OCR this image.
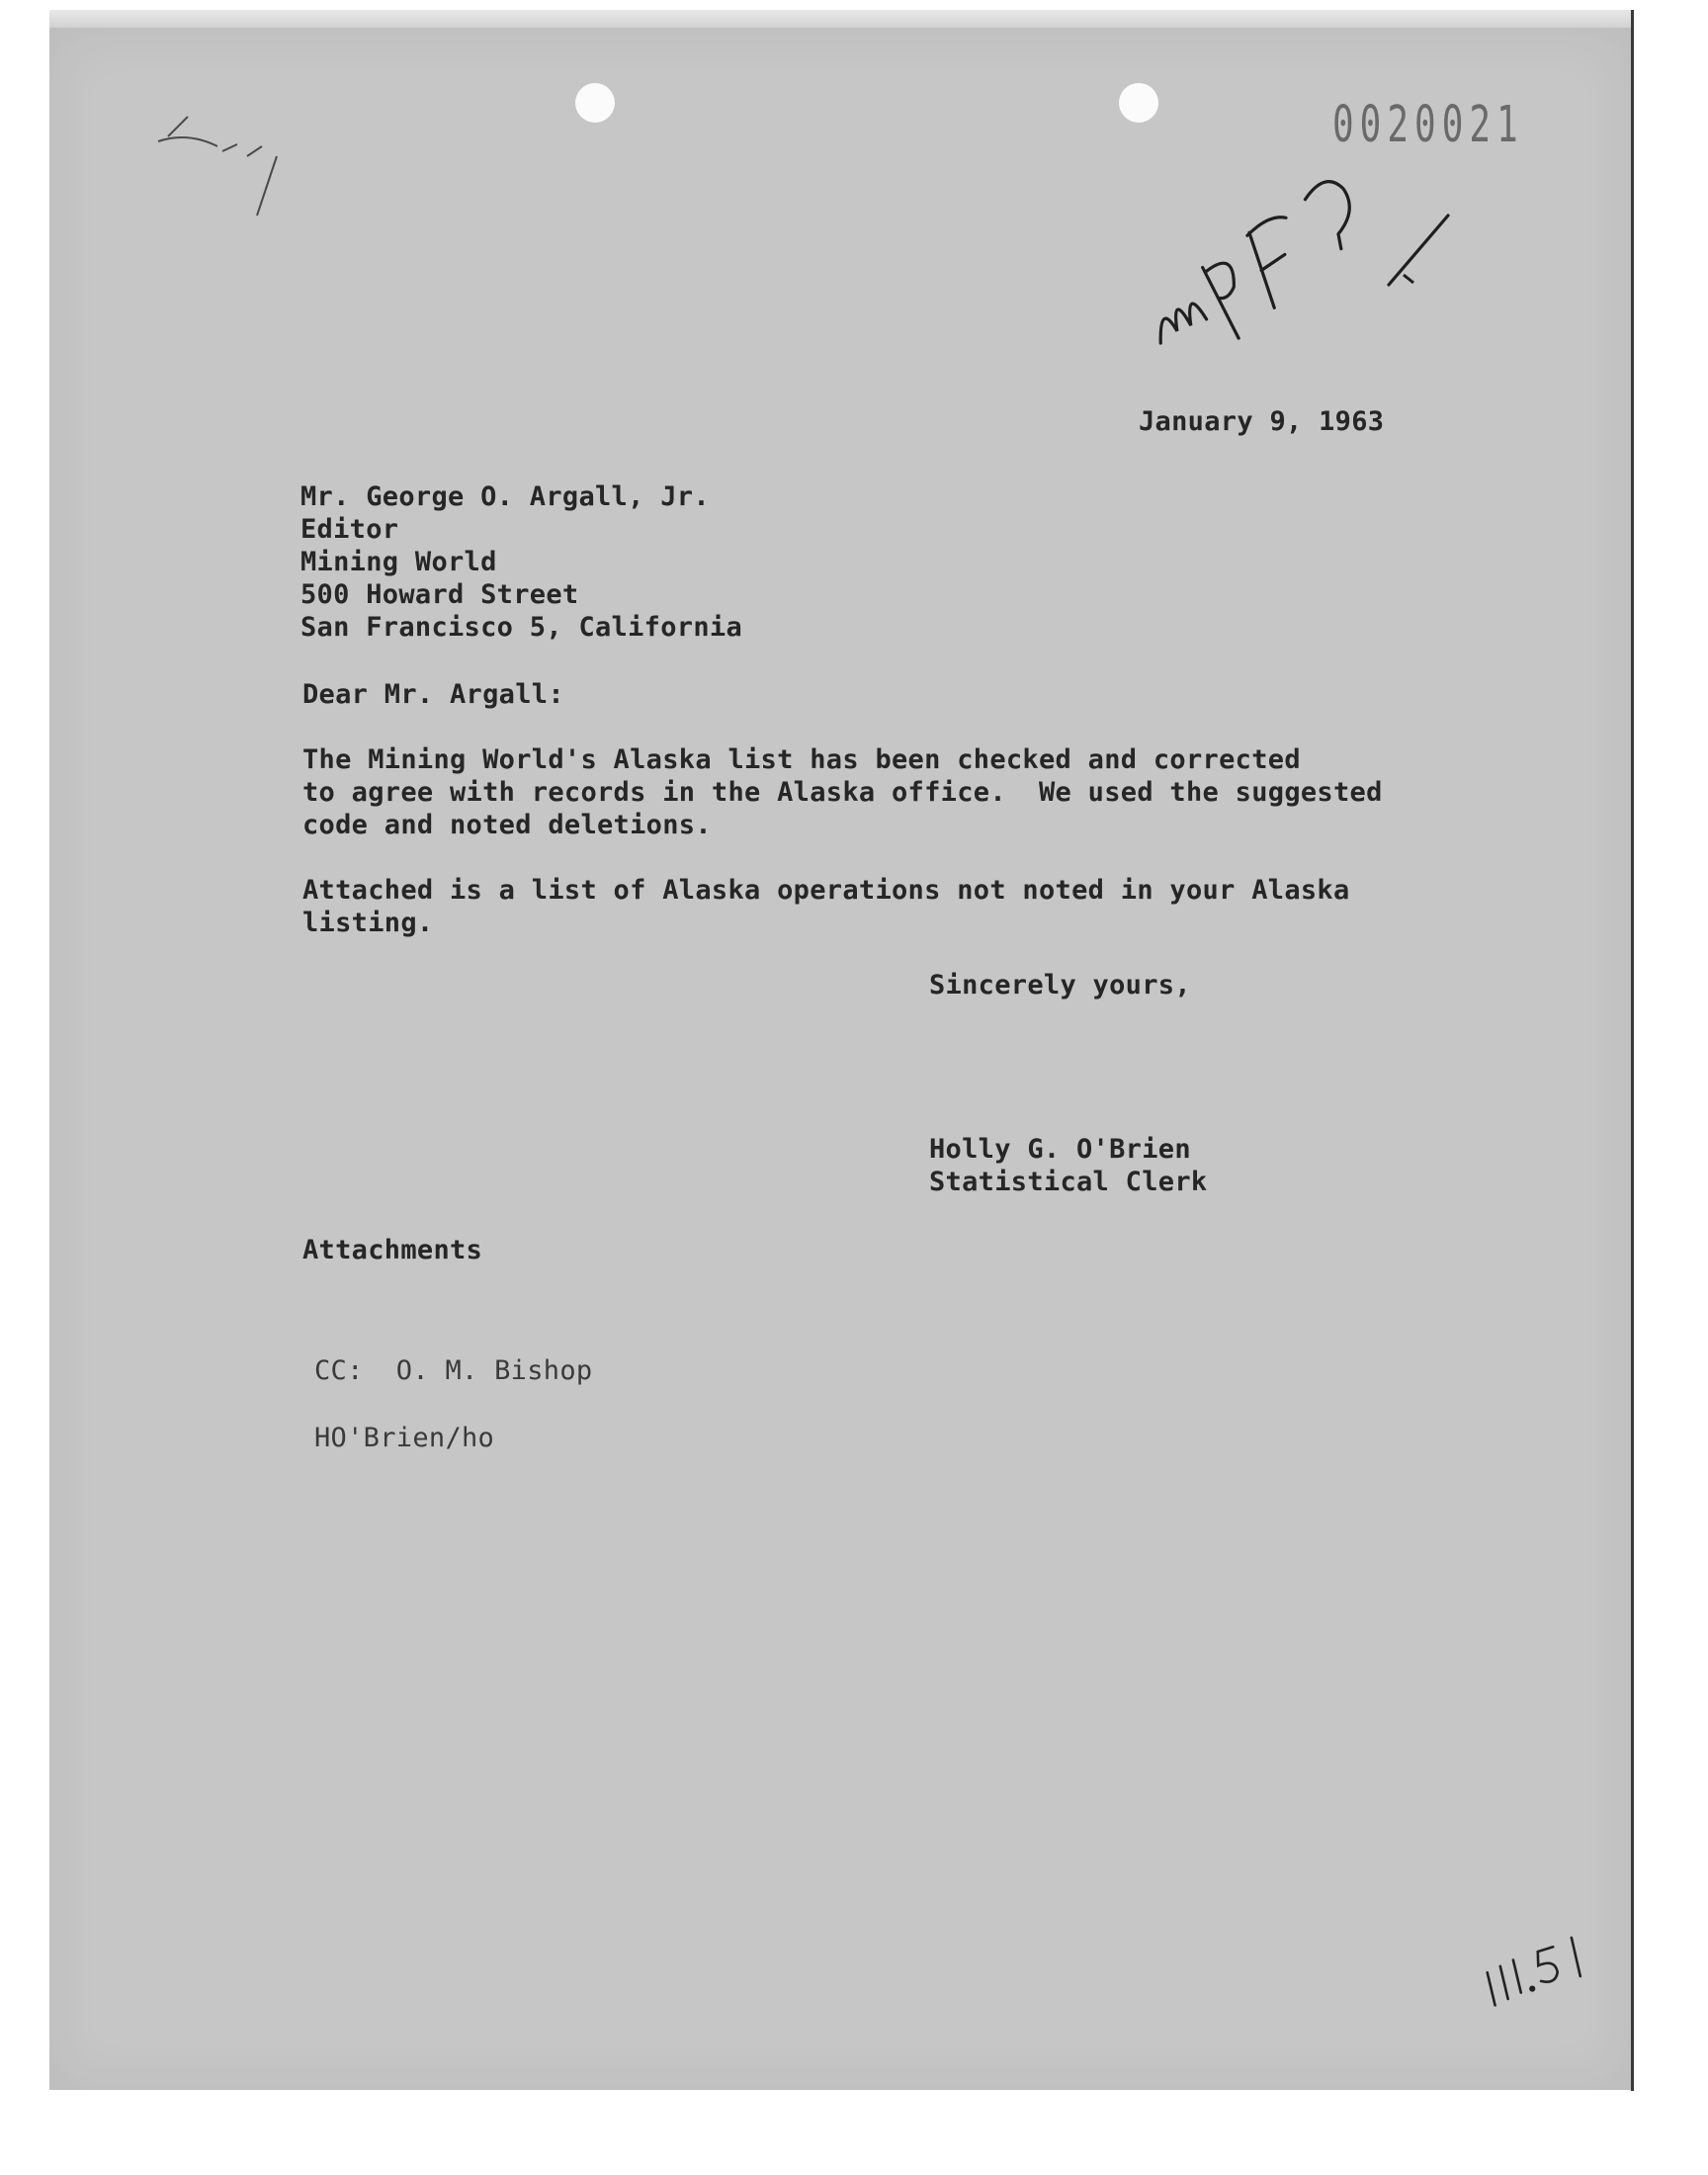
0020021
January 9, 1963
Mr. George O. Argall, Jr.
Editor
Mining World
500 Howard Street
San Francisco 5, California
Dear Mr. Argall:
The Mining World's Alaska list has been checked and corrected
to agree with records in the Alaska office.  We used the suggested
code and noted deletions.
Attached is a list of Alaska operations not noted in your Alaska
listing.
Sincerely yours,
Holly G. O'Brien
Statistical Clerk
Attachments
CC:  O. M. Bishop
HO'Brien/ho
